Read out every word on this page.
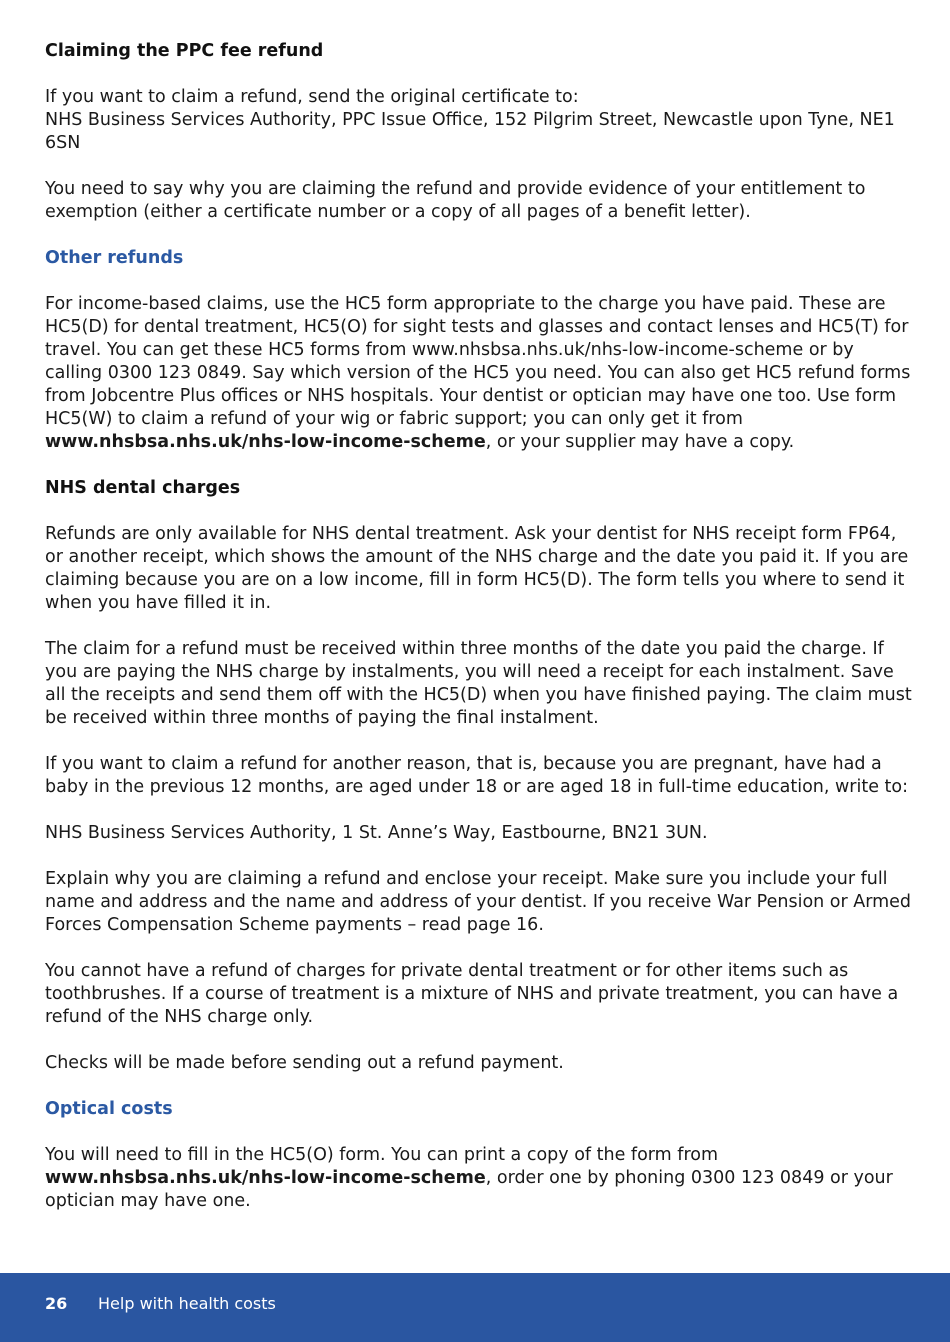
Claiming the PPC fee refund

If you want to claim a refund, send the original certificate to:
NHS Business Services Authority, PPC Issue Office, 152 Pilgrim Street, Newcastle upon Tyne, NE1 6SN

You need to say why you are claiming the refund and provide evidence of your entitlement to exemption (either a certificate number or a copy of all pages of a benefit letter).

Other refunds

For income-based claims, use the HC5 form appropriate to the charge you have paid. These are HC5(D) for dental treatment, HC5(O) for sight tests and glasses and contact lenses and HC5(T) for travel. You can get these HC5 forms from www.nhsbsa.nhs.uk/nhs-low-income-scheme or by calling 0300 123 0849. Say which version of the HC5 you need. You can also get HC5 refund forms from Jobcentre Plus offices or NHS hospitals. Your dentist or optician may have one too. Use form HC5(W) to claim a refund of your wig or fabric support; you can only get it from www.nhsbsa.nhs.uk/nhs-low-income-scheme, or your supplier may have a copy.

NHS dental charges

Refunds are only available for NHS dental treatment. Ask your dentist for NHS receipt form FP64, or another receipt, which shows the amount of the NHS charge and the date you paid it. If you are claiming because you are on a low income, fill in form HC5(D). The form tells you where to send it when you have filled it in.

The claim for a refund must be received within three months of the date you paid the charge. If you are paying the NHS charge by instalments, you will need a receipt for each instalment. Save all the receipts and send them off with the HC5(D) when you have finished paying. The claim must be received within three months of paying the final instalment.

If you want to claim a refund for another reason, that is, because you are pregnant, have had a baby in the previous 12 months, are aged under 18 or are aged 18 in full-time education, write to:

NHS Business Services Authority, 1 St. Anne’s Way, Eastbourne, BN21 3UN.

Explain why you are claiming a refund and enclose your receipt. Make sure you include your full name and address and the name and address of your dentist. If you receive War Pension or Armed Forces Compensation Scheme payments – read page 16.

You cannot have a refund of charges for private dental treatment or for other items such as toothbrushes. If a course of treatment is a mixture of NHS and private treatment, you can have a refund of the NHS charge only.

Checks will be made before sending out a refund payment.

Optical costs

You will need to fill in the HC5(O) form. You can print a copy of the form from
www.nhsbsa.nhs.uk/nhs-low-income-scheme, order one by phoning 0300 123 0849 or your optician may have one.

26 Help with health costs
